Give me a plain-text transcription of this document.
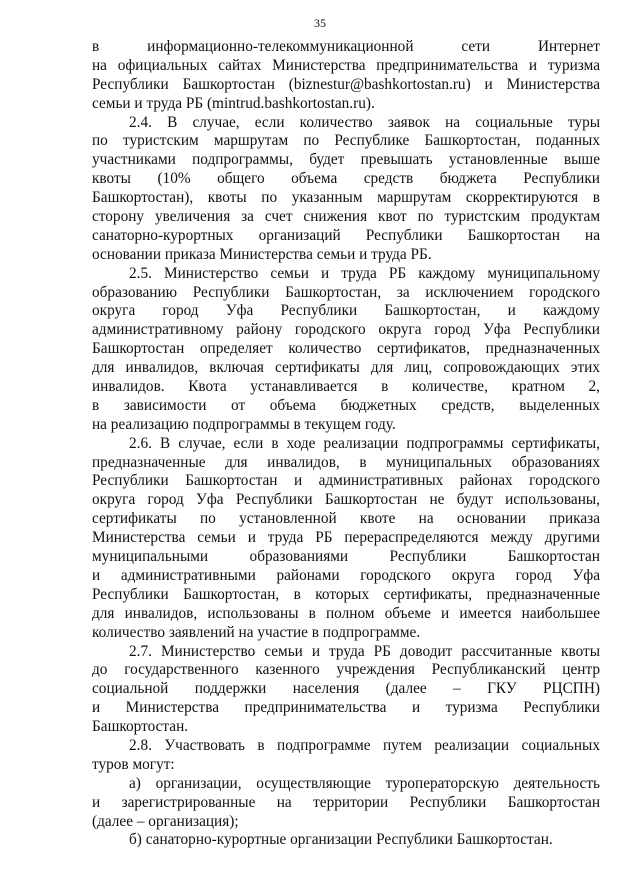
35
в информационно-телекоммуникационной сети Интернет
на официальных сайтах Министерства предпринимательства и туризма
Республики Башкортостан (biznestur@bashkortostan.ru) и Министерства
семьи и труда РБ (mintrud.bashkortostan.ru).
2.4. В случае, если количество заявок на социальные туры
по туристским маршрутам по Республике Башкортостан, поданных
участниками подпрограммы, будет превышать установленные выше
квоты (10% общего объема средств бюджета Республики
Башкортостан), квоты по указанным маршрутам скорректируются в
сторону увеличения за счет снижения квот по туристским продуктам
санаторно-курортных организаций Республики Башкортостан на
основании приказа Министерства семьи и труда РБ.
2.5. Министерство семьи и труда РБ каждому муниципальному
образованию Республики Башкортостан, за исключением городского
округа город Уфа Республики Башкортостан, и каждому
административному району городского округа город Уфа Республики
Башкортостан определяет количество сертификатов, предназначенных
для инвалидов, включая сертификаты для лиц, сопровождающих этих
инвалидов. Квота устанавливается в количестве, кратном 2,
в зависимости от объема бюджетных средств, выделенных
на реализацию подпрограммы в текущем году.
2.6. В случае, если в ходе реализации подпрограммы сертификаты,
предназначенные для инвалидов, в муниципальных образованиях
Республики Башкортостан и административных районах городского
округа город Уфа Республики Башкортостан не будут использованы,
сертификаты по установленной квоте на основании приказа
Министерства семьи и труда РБ перераспределяются между другими
муниципальными образованиями Республики Башкортостан
и административными районами городского округа город Уфа
Республики Башкортостан, в которых сертификаты, предназначенные
для инвалидов, использованы в полном объеме и имеется наибольшее
количество заявлений на участие в подпрограмме.
2.7. Министерство семьи и труда РБ доводит рассчитанные квоты
до государственного казенного учреждения Республиканский центр
социальной поддержки населения (далее – ГКУ РЦСПН)
и Министерства предпринимательства и туризма Республики
Башкортостан.
2.8. Участвовать в подпрограмме путем реализации социальных
туров могут:
а) организации, осуществляющие туроператорскую деятельность
и зарегистрированные на территории Республики Башкортостан
(далее – организация);
б) санаторно-курортные организации Республики Башкортостан.
